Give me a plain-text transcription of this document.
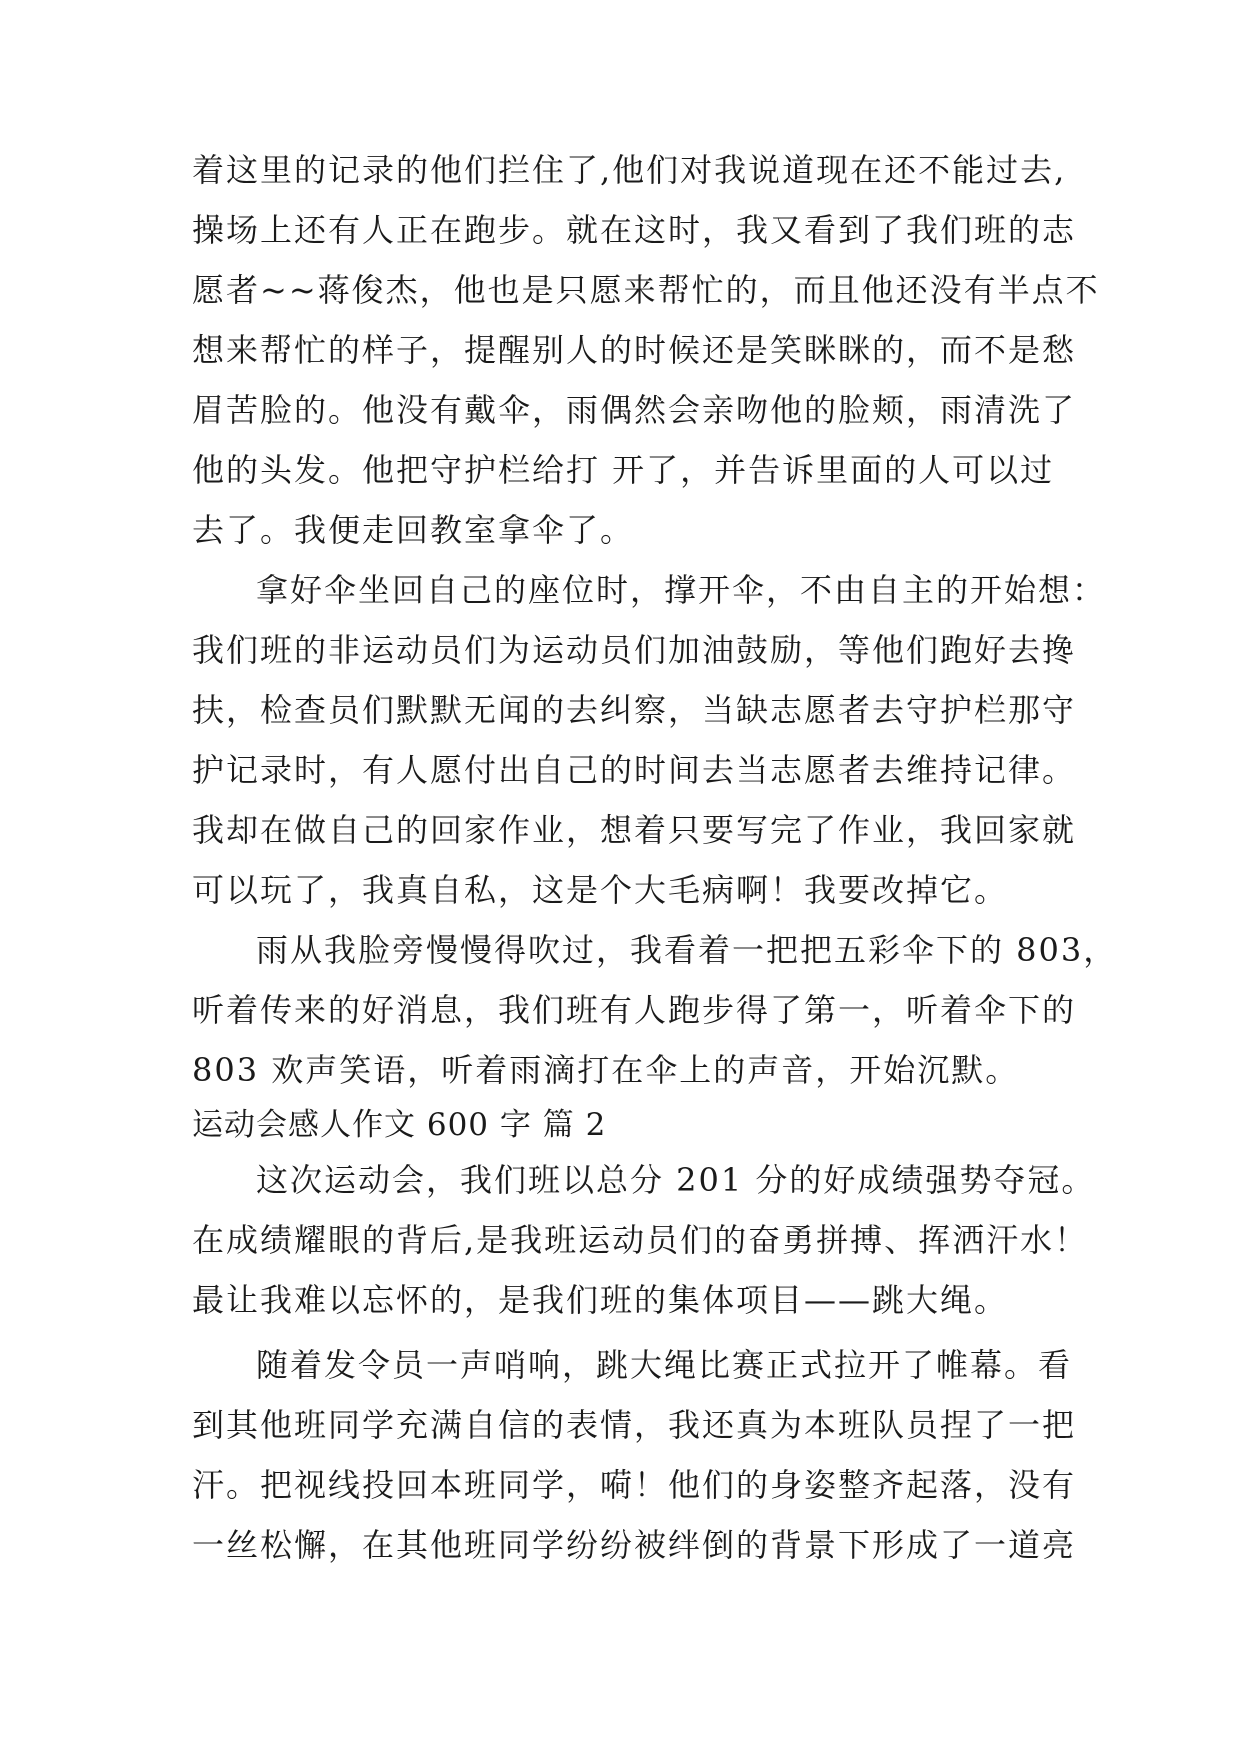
着这里的记录的他们拦住了,他们对我说道现在还不能过去,
操场上还有人正在跑步。就在这时，我又看到了我们班的志
愿者~~蒋俊杰，他也是只愿来帮忙的，而且他还没有半点不
想来帮忙的样子，提醒别人的时候还是笑眯眯的，而不是愁
眉苦脸的。他没有戴伞，雨偶然会亲吻他的脸颊，雨清洗了
他的头发。他把守护栏给打 开了，并告诉里面的人可以过
去了。我便走回教室拿伞了。
拿好伞坐回自己的座位时，撑开伞，不由自主的开始想：
我们班的非运动员们为运动员们加油鼓励，等他们跑好去搀
扶，检查员们默默无闻的去纠察，当缺志愿者去守护栏那守
护记录时，有人愿付出自己的时间去当志愿者去维持记律。
我却在做自己的回家作业，想着只要写完了作业，我回家就
可以玩了，我真自私，这是个大毛病啊！我要改掉它。
雨从我脸旁慢慢得吹过，我看着一把把五彩伞下的 803，
听着传来的好消息，我们班有人跑步得了第一，听着伞下的
803 欢声笑语，听着雨滴打在伞上的声音，开始沉默。
运动会感人作文 600 字 篇 2
这次运动会，我们班以总分 201 分的好成绩强势夺冠。
在成绩耀眼的背后,是我班运动员们的奋勇拼搏、挥洒汗水！
最让我难以忘怀的，是我们班的集体项目——跳大绳。
随着发令员一声哨响，跳大绳比赛正式拉开了帷幕。看
到其他班同学充满自信的表情，我还真为本班队员捏了一把
汗。把视线投回本班同学，嗬！他们的身姿整齐起落，没有
一丝松懈，在其他班同学纷纷被绊倒的背景下形成了一道亮
